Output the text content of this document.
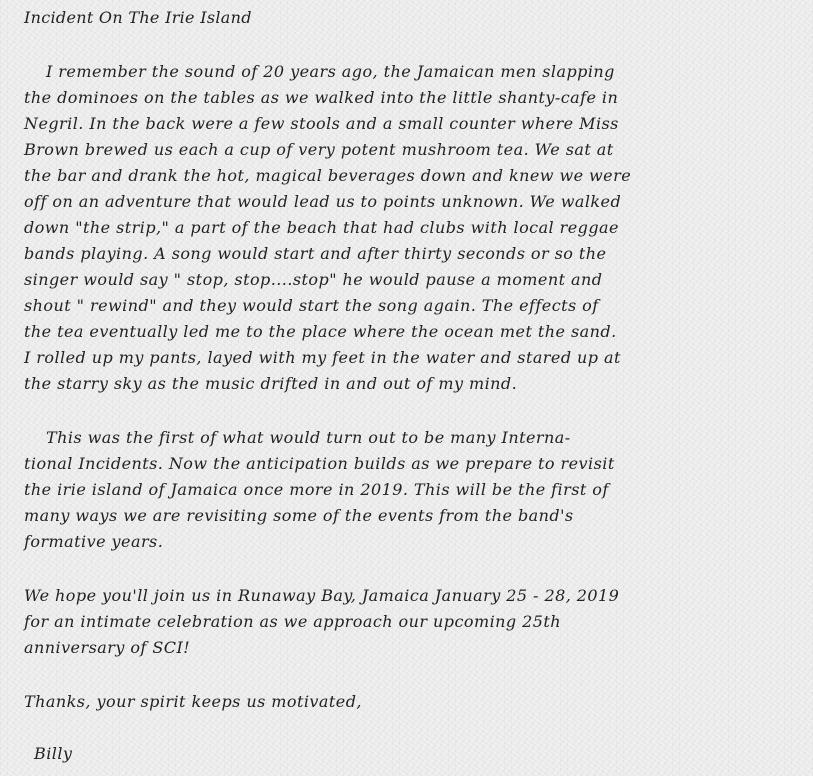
Incident On The Irie Island
I remember the sound of 20 years ago, the Jamaican men slapping
the dominoes on the tables as we walked into the little shanty-cafe in
Negril. In the back were a few stools and a small counter where Miss
Brown brewed us each a cup of very potent mushroom tea. We sat at
the bar and drank the hot, magical beverages down and knew we were
off on an adventure that would lead us to points unknown. We walked
down "the strip," a part of the beach that had clubs with local reggae
bands playing. A song would start and after thirty seconds or so the
singer would say " stop, stop....stop" he would pause a moment and
shout " rewind" and they would start the song again. The effects of
the tea eventually led me to the place where the ocean met the sand.
I rolled up my pants, layed with my feet in the water and stared up at
the starry sky as the music drifted in and out of my mind.
This was the first of what would turn out to be many Interna-
tional Incidents. Now the anticipation builds as we prepare to revisit
the irie island of Jamaica once more in 2019. This will be the first of
many ways we are revisiting some of the events from the band's
formative years.
We hope you'll join us in Runaway Bay, Jamaica January 25 - 28, 2019
for an intimate celebration as we approach our upcoming 25th
anniversary of SCI!
Thanks, your spirit keeps us motivated,
Billy
